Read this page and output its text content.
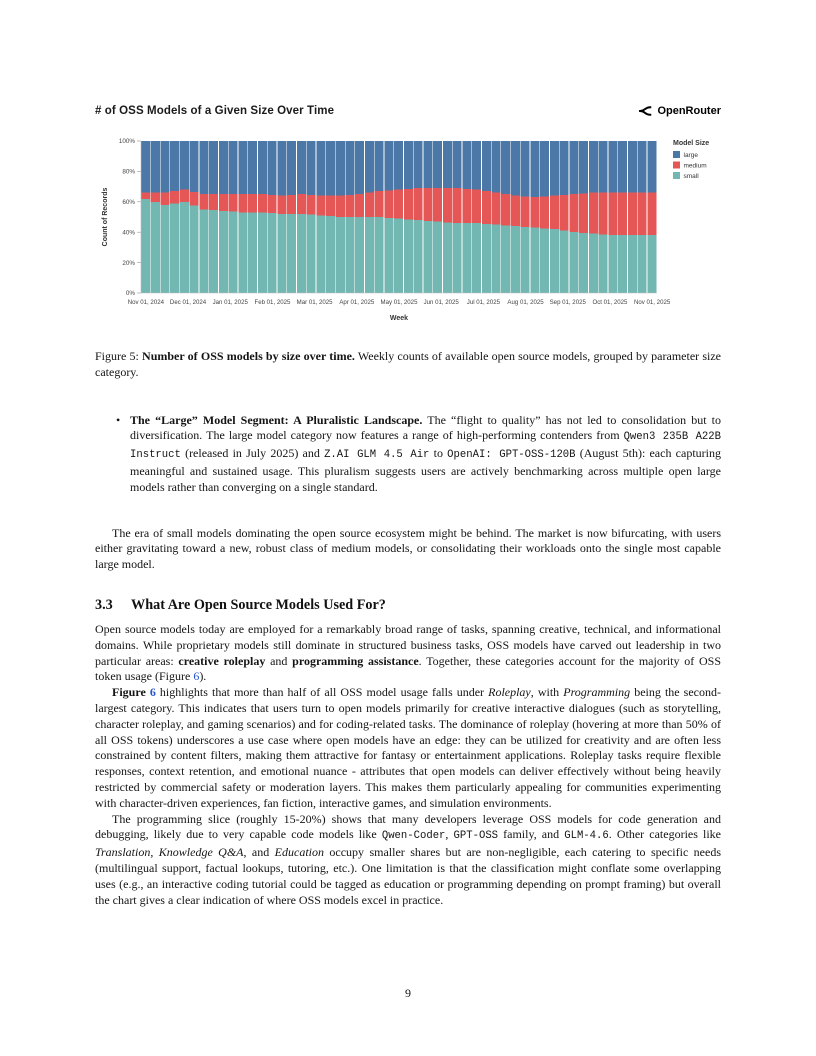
# of OSS Models of a Given Size Over Time	OpenRouter
0%
20%
40%
60%
80%
100%
Nov 01, 2024 Dec 01, 2024 Jan 01, 2025 Feb 01, 2025 Mar 01, 2025 Apr 01, 2025 May 01, 2025 Jun 01, 2025 Jul 01, 2025 Aug 01, 2025 Sep 01, 2025 Oct 01, 2025 Nov 01, 2025
Week
Count of Records
Model Size
large
medium
small

Figure 5: Number of OSS models by size over time. Weekly counts of available open source models, grouped by parameter size category.

• The “Large” Model Segment: A Pluralistic Landscape. The “flight to quality” has not led to consolidation but to diversification. The large model category now features a range of high-performing contenders from Qwen3 235B A22B Instruct (released in July 2025) and Z.AI GLM 4.5 Air to OpenAI: GPT-OSS-120B (August 5th): each capturing meaningful and sustained usage. This pluralism suggests users are actively benchmarking across multiple open large models rather than converging on a single standard.

The era of small models dominating the open source ecosystem might be behind. The market is now bifurcating, with users either gravitating toward a new, robust class of medium models, or consolidating their workloads onto the single most capable large model.

3.3 What Are Open Source Models Used For?

Open source models today are employed for a remarkably broad range of tasks, spanning creative, technical, and informational domains. While proprietary models still dominate in structured business tasks, OSS models have carved out leadership in two particular areas: creative roleplay and programming assistance. Together, these categories account for the majority of OSS token usage (Figure 6).

Figure 6 highlights that more than half of all OSS model usage falls under Roleplay, with Programming being the second-largest category. This indicates that users turn to open models primarily for creative interactive dialogues (such as storytelling, character roleplay, and gaming scenarios) and for coding-related tasks. The dominance of roleplay (hovering at more than 50% of all OSS tokens) underscores a use case where open models have an edge: they can be utilized for creativity and are often less constrained by content filters, making them attractive for fantasy or entertainment applications. Roleplay tasks require flexible responses, context retention, and emotional nuance - attributes that open models can deliver effectively without being heavily restricted by commercial safety or moderation layers. This makes them particularly appealing for communities experimenting with character-driven experiences, fan fiction, interactive games, and simulation environments.

The programming slice (roughly 15-20%) shows that many developers leverage OSS models for code generation and debugging, likely due to very capable code models like Qwen-Coder, GPT-OSS family, and GLM-4.6. Other categories like Translation, Knowledge Q&A, and Education occupy smaller shares but are non-negligible, each catering to specific needs (multilingual support, factual lookups, tutoring, etc.). One limitation is that the classification might conflate some overlapping uses (e.g., an interactive coding tutorial could be tagged as education or programming depending on prompt framing) but overall the chart gives a clear indication of where OSS models excel in practice.

9
